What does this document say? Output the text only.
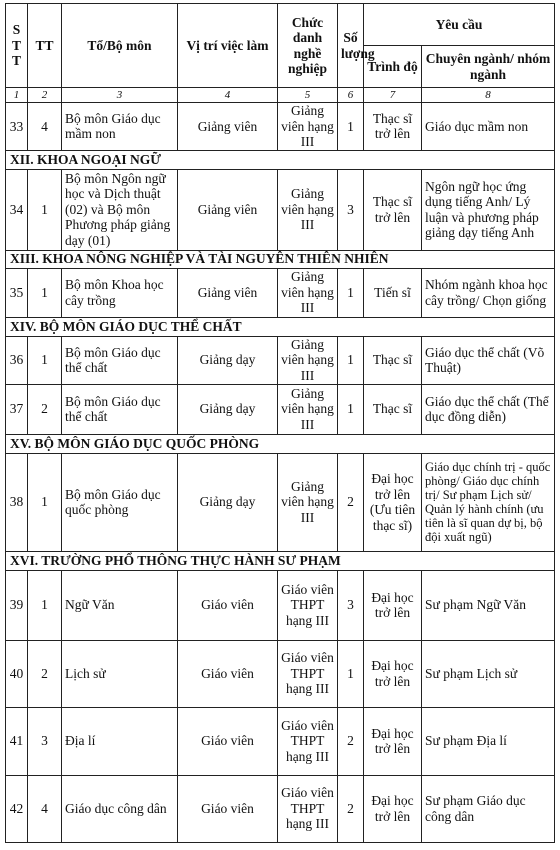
S T T	TT	Tổ/Bộ môn	Vị trí việc làm	Chức danh nghề nghiệp	Số lượng	Yêu cầu	
						Trình độ	Chuyên ngành/ nhóm ngành
1	2	3	4	5	6	7	8
33	4	Bộ môn Giáo dục mầm non	Giảng viên	Giảng viên hạng III	1	Thạc sĩ trở lên	Giáo dục mầm non
XII. KHOA NGOẠI NGỮ							
34	1	Bộ môn Ngôn ngữ học và Dịch thuật (02) và Bộ môn Phương pháp giảng dạy (01)	Giảng viên	Giảng viên hạng III	3	Thạc sĩ trở lên	Ngôn ngữ học ứng dụng tiếng Anh/ Lý luận và phương pháp giảng dạy tiếng Anh
XIII. KHOA NÔNG NGHIỆP VÀ TÀI NGUYÊN THIÊN NHIÊN							
35	1	Bộ môn Khoa học cây trồng	Giảng viên	Giảng viên hạng III	1	Tiến sĩ	Nhóm ngành khoa học cây trồng/ Chọn giống
XIV. BỘ MÔN GIÁO DỤC THỂ CHẤT							
36	1	Bộ môn Giáo dục thể chất	Giảng dạy	Giảng viên hạng III	1	Thạc sĩ	Giáo dục thể chất (Võ Thuật)
37	2	Bộ môn Giáo dục thể chất	Giảng dạy	Giảng viên hạng III	1	Thạc sĩ	Giáo dục thể chất (Thể dục đồng diễn)
XV. BỘ MÔN GIÁO DỤC QUỐC PHÒNG							
38	1	Bộ môn Giáo dục quốc phòng	Giảng dạy	Giảng viên hạng III	2	Đại học trở lên (Ưu tiên thạc sĩ)	Giáo dục chính trị - quốc phòng/ Giáo dục chính trị/ Sư phạm Lịch sử/ Quản lý hành chính (ưu tiên là sĩ quan dự bị, bộ đội xuất ngũ)
XVI. TRƯỜNG PHỔ THÔNG THỰC HÀNH SƯ PHẠM							
39	1	Ngữ Văn	Giáo viên	Giáo viên THPT hạng III	3	Đại học trở lên	Sư phạm Ngữ Văn
40	2	Lịch sử	Giáo viên	Giáo viên THPT hạng III	1	Đại học trở lên	Sư phạm Lịch sử
41	3	Địa lí	Giáo viên	Giáo viên THPT hạng III	2	Đại học trở lên	Sư phạm Địa lí
42	4	Giáo dục công dân	Giáo viên	Giáo viên THPT hạng III	2	Đại học trở lên	Sư phạm Giáo dục công dân
